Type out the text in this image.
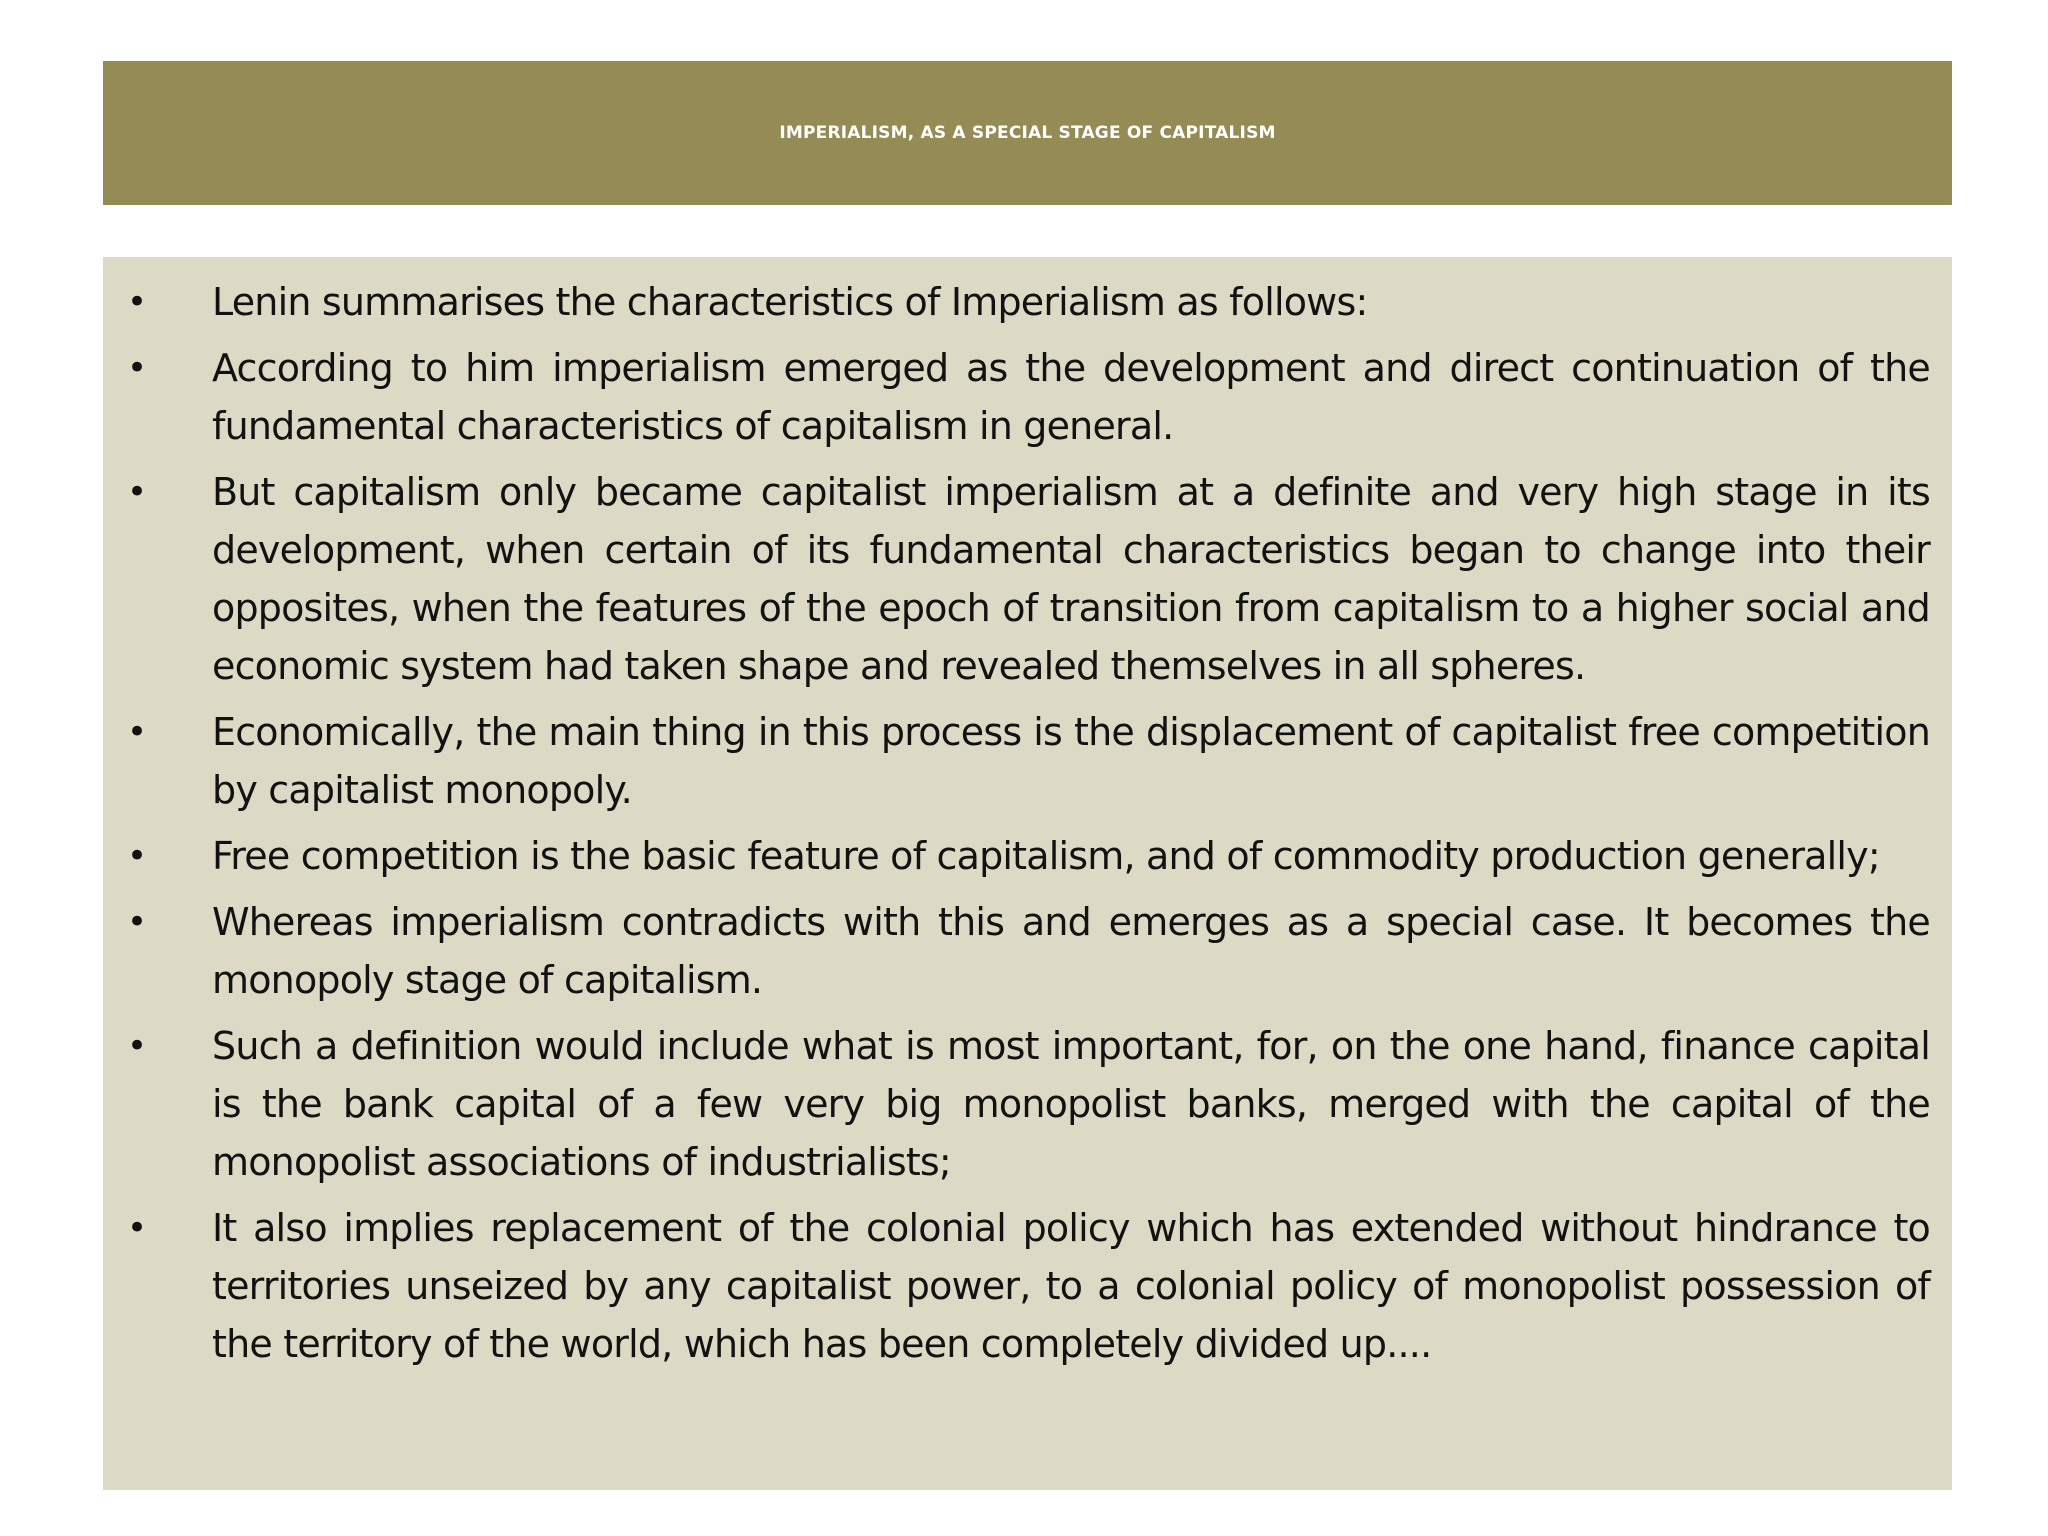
IMPERIALISM, AS A SPECIAL STAGE OF CAPITALISM
• Lenin summarises the characteristics of Imperialism as follows:
• According to him imperialism emerged as the development and direct continuation of the fundamental characteristics of capitalism in general.
• But capitalism only became capitalist imperialism at a definite and very high stage in its development, when certain of its fundamental characteristics began to change into their opposites, when the features of the epoch of transition from capitalism to a higher social and economic system had taken shape and revealed themselves in all spheres.
• Economically, the main thing in this process is the displacement of capitalist free competition by capitalist monopoly.
• Free competition is the basic feature of capitalism, and of commodity production generally;
• Whereas imperialism contradicts with this and emerges as a special case. It becomes the monopoly stage of capitalism.
• Such a definition would include what is most important, for, on the one hand, finance capital is the bank capital of a few very big monopolist banks, merged with the capital of the monopolist associations of industrialists;
• It also implies replacement of the colonial policy which has extended without hindrance to territories unseized by any capitalist power, to a colonial policy of monopolist possession of the territory of the world, which has been completely divided up....
